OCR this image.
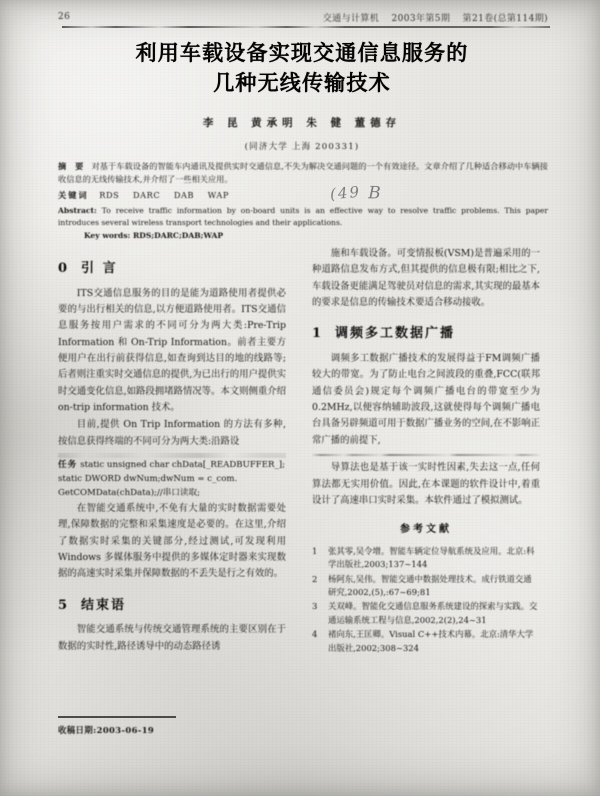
26	交通与计算机 2003年第5期 第21卷(总第114期)
利用车载设备实现交通信息服务的
几种无线传输技术
李 昆 黄承明 朱 健 董德存
(同济大学 上海 200331)
摘 要 对基于车载设备的智能车内通讯及提供实时交通信息,不失为解决交通问题的一个有效途径。文章介绍了几种适合移动中车辆接收信息的无线传输技术,并介绍了一些相关应用。
关键词 RDS DARC DAB WAP
Abstract: To receive traffic information by on-board units is an effective way to resolve traffic problems. This paper introduces several wireless transport technologies and their applications.
Key words: RDS;DARC;DAB;WAP
(49 B
0 引 言

ITS交通信息服务的目的是能为道路使用者提供必要的与出行相关的信息,以方便道路使用者。ITS交通信息服务按用户需求的不同可分为两大类:Pre-Trip Information 和 On-Trip Information。前者主要方便用户在出行前获得信息,如查询到达目的地的线路等;后者则注重实时交通信息的提供,为已出行的用户提供实时交通变化信息,如路段拥堵路情况等。本文则侧重介绍 on-trip information 技术。

目前,提供 On Trip Information 的方法有多种,按信息获得终端的不同可分为两大类:沿路设

任务 static unsigned char chData[_READBUFFER_]; static DWORD dwNum;dwNum = c_com. GetCOMData(chData);//串口读取;

在智能交通系统中,不免有大量的实时数据需要处理,保障数据的完整和采集速度是必要的。在这里,介绍了数据实时采集的关键部分,经过测试,可发现利用 Windows 多媒体服务中提供的多媒体定时器来实现数据的高速实时采集并保障数据的不丢失是行之有效的。

5 结束语

智能交通系统与传统交通管理系统的主要区别在于数据的实时性,路径诱导中的动态路径诱

施和车载设备。可变情报板(VSM)是普遍采用的一种道路信息发布方式,但其提供的信息极有限;相比之下,车载设备更能满足驾驶员对信息的需求,其实现的最基本的要求是信息的传输技术要适合移动接收。

1 调频多工数据广播

调频多工数据广播技术的发展得益于FM调频广播较大的带宽。为了防止电台之间波段的重叠,FCC(联邦通信委员会)规定每个调频广播电台的带宽至少为 0.2MHz,以便容纳辅助波段,这就使得每个调频广播电台具备另辟频道可用于数据广播业务的空间,在不影响正常广播的前提下,

导算法也是基于该一实时性因素,失去这一点,任何算法都无实用价值。因此,在本课题的软件设计中,着重设计了高速串口实时采集。本软件通过了模拟测试。

参考文献
1	张其零,吴令增。智能车辆定位导航系统及应用。北京:科学出版社,2003;137~144
2	杨阿东,吴伟。智能交通中数据处理技术。成行铁道交通研究,2002,(5),:67~69;81
3	关双峰。智能化交通信息服务系统建设的探索与实践。交通运输系统工程与信息,2002,2(2),24~31
4	褚向东,王匡卿。Visual C++技术内幕。北京:清华大学出版社,2002;308~324
收稿日期:2003-06-19
